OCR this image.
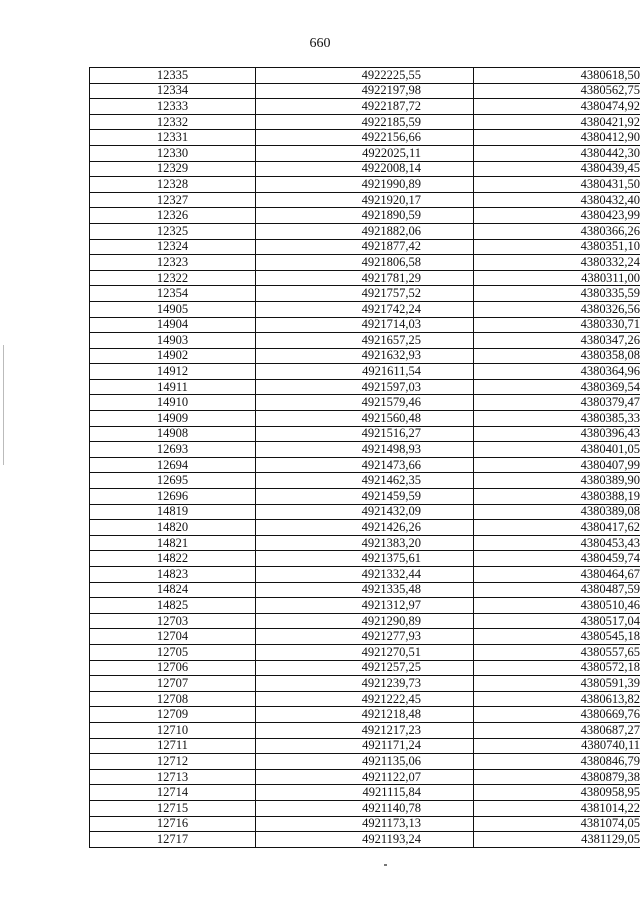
660
12335	4922225,55	4380618,50
12334	4922197,98	4380562,75
12333	4922187,72	4380474,92
12332	4922185,59	4380421,92
12331	4922156,66	4380412,90
12330	4922025,11	4380442,30
12329	4922008,14	4380439,45
12328	4921990,89	4380431,50
12327	4921920,17	4380432,40
12326	4921890,59	4380423,99
12325	4921882,06	4380366,26
12324	4921877,42	4380351,10
12323	4921806,58	4380332,24
12322	4921781,29	4380311,00
12354	4921757,52	4380335,59
14905	4921742,24	4380326,56
14904	4921714,03	4380330,71
14903	4921657,25	4380347,26
14902	4921632,93	4380358,08
14912	4921611,54	4380364,96
14911	4921597,03	4380369,54
14910	4921579,46	4380379,47
14909	4921560,48	4380385,33
14908	4921516,27	4380396,43
12693	4921498,93	4380401,05
12694	4921473,66	4380407,99
12695	4921462,35	4380389,90
12696	4921459,59	4380388,19
14819	4921432,09	4380389,08
14820	4921426,26	4380417,62
14821	4921383,20	4380453,43
14822	4921375,61	4380459,74
14823	4921332,44	4380464,67
14824	4921335,48	4380487,59
14825	4921312,97	4380510,46
12703	4921290,89	4380517,04
12704	4921277,93	4380545,18
12705	4921270,51	4380557,65
12706	4921257,25	4380572,18
12707	4921239,73	4380591,39
12708	4921222,45	4380613,82
12709	4921218,48	4380669,76
12710	4921217,23	4380687,27
12711	4921171,24	4380740,11
12712	4921135,06	4380846,79
12713	4921122,07	4380879,38
12714	4921115,84	4380958,95
12715	4921140,78	4381014,22
12716	4921173,13	4381074,05
12717	4921193,24	4381129,05
